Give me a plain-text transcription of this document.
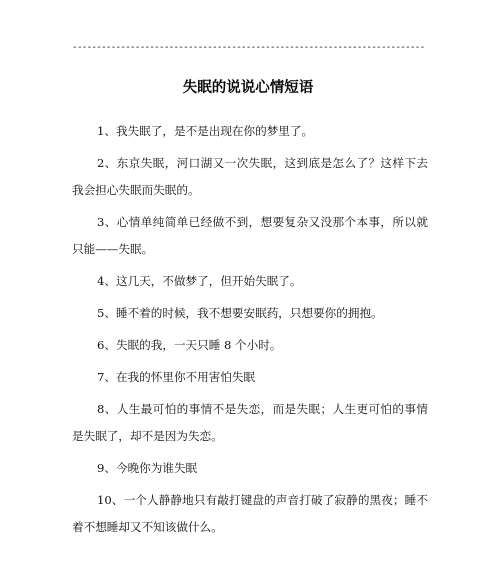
-------------------------------------------------------------------------
失眠的说说心情短语

1、我失眠了，是不是出现在你的梦里了。

2、东京失眠，河口湖又一次失眠，这到底是怎么了？这样下去我会担心失眠而失眠的。

3、心情单纯简单已经做不到，想要复杂又没那个本事，所以就只能——失眠。

4、这几天，不做梦了，但开始失眠了。

5、睡不着的时候，我不想要安眠药，只想要你的拥抱。

6、失眠的我，一天只睡 8 个小时。

7、在我的怀里你不用害怕失眠

8、人生最可怕的事情不是失恋，而是失眠；人生更可怕的事情是失眠了，却不是因为失恋。

9、今晚你为谁失眠

10、一个人静静地只有敲打键盘的声音打破了寂静的黑夜；睡不着不想睡却又不知该做什么。
